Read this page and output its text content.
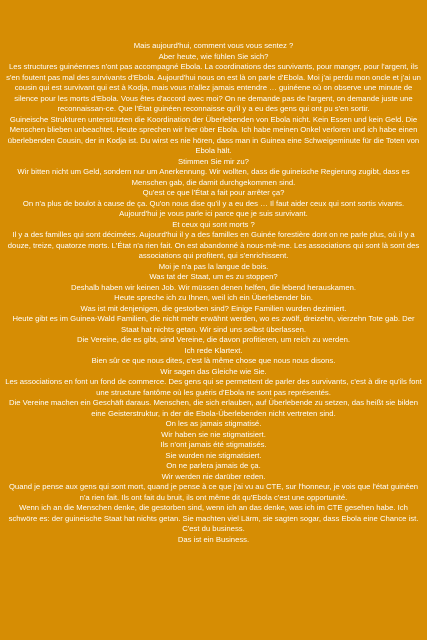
Mais aujourd'hui, comment vous vous sentez ?
Aber heute, wie fühlen Sie sich?
Les structures guinéennes n'ont pas accompagné Ebola. La coordinations des survivants, pour manger, pour l'argent, ils s'en foutent pas mal des survivants d'Ebola. Aujourd'hui nous on est là on parle d'Ebola. Moi j'ai perdu mon oncle et j'ai un cousin qui est survivant qui est à Kodja, mais vous n'allez jamais entendre … guinéene où on observe une minute de silence pour les morts d'Ebola. Vous êtes d'accord avec moi? On ne demande pas de l'argent, on demande juste une reconnaissan-ce. Que l'État guinéen reconnaisse qu'il y a eu des gens qui ont pu s'en sortir.
Guineische Strukturen unterstützten die Koordination der Überlebenden von Ebola nicht. Kein Essen und kein Geld. Die Menschen blieben unbeachtet. Heute sprechen wir hier über Ebola. Ich habe meinen Onkel verloren und ich habe einen überlebenden Cousin, der in Kodja ist. Du wirst es nie hören, dass man in Guinea eine Schweigeminute für die Toten von Ebola hält.
Stimmen Sie mir zu?
Wir bitten nicht um Geld, sondern nur um Anerkennung. Wir wollten, dass die guineische Regierung zugibt, dass es Menschen gab, die damit durchgekommen sind.
Qu'est ce que l'État a fait pour arrêter ça?
On n'a plus de boulot à cause de ça. Qu'on nous dise qu'il y a eu des … Il faut aider ceux qui sont sortis vivants. Aujourd'hui je vous parle ici parce que je suis survivant.
Et ceux qui sont morts ?
Il y a des familles qui sont décimées. Aujourd'hui il y a des familles en Guinée forestière dont on ne parle plus, où il y a douze, treize, quatorze morts. L'État n'a rien fait. On est abandonné à nous-mê-me. Les associations qui sont là sont des associations qui profitent, qui s'enrichissent.
Moi je n'a pas la langue de bois.
Was tat der Staat, um es zu stoppen?
Deshalb haben wir keinen Job. Wir müssen denen helfen, die lebend herauskamen.
Heute spreche ich zu Ihnen, weil ich ein Überlebender bin.
Was ist mit denjenigen, die gestorben sind? Einige Familien wurden dezimiert.
Heute gibt es im Guinea-Wald Familien, die nicht mehr erwähnt werden, wo es zwölf, dreizehn, vierzehn Tote gab. Der Staat hat nichts getan. Wir sind uns selbst überlassen.
Die Vereine, die es gibt, sind Vereine, die davon profitieren, um reich zu werden.
Ich rede Klartext.
Bien sûr ce que nous dites, c'est là même chose que nous nous disons.
Wir sagen das Gleiche wie Sie.
Les associations en font un fond de commerce. Des gens qui se permettent de parler des survivants, c'est à dire qu'ils font une structure fantôme où les guéris d'Ebola ne sont pas représentés.
Die Vereine machen ein Geschäft daraus. Menschen, die sich erlauben, auf Überlebende zu setzen, das heißt sie bilden eine Geisterstruktur, in der die Ebola-Überlebenden nicht vertreten sind.
On les as jamais stigmatisé.
Wir haben sie nie stigmatisiert.
Ils n'ont jamais été stigmatisés.
Sie wurden nie stigmatisiert.
On ne parlera jamais de ça.
Wir werden nie darüber reden.
Quand je pense aux gens qui sont mort, quand je pense à ce que j'ai vu au CTE, sur l'honneur, je vois que l'état guinéen n'a rien fait. Ils ont fait du bruit, ils ont même dit qu'Ebola c'est une opportunité.
Wenn ich an die Menschen denke, die gestorben sind, wenn ich an das denke, was ich im CTE gesehen habe. Ich schwöre es: der guineische Staat hat nichts getan. Sie machten viel Lärm, sie sagten sogar, dass Ebola eine Chance ist.
C'est du business.
Das ist ein Business.
